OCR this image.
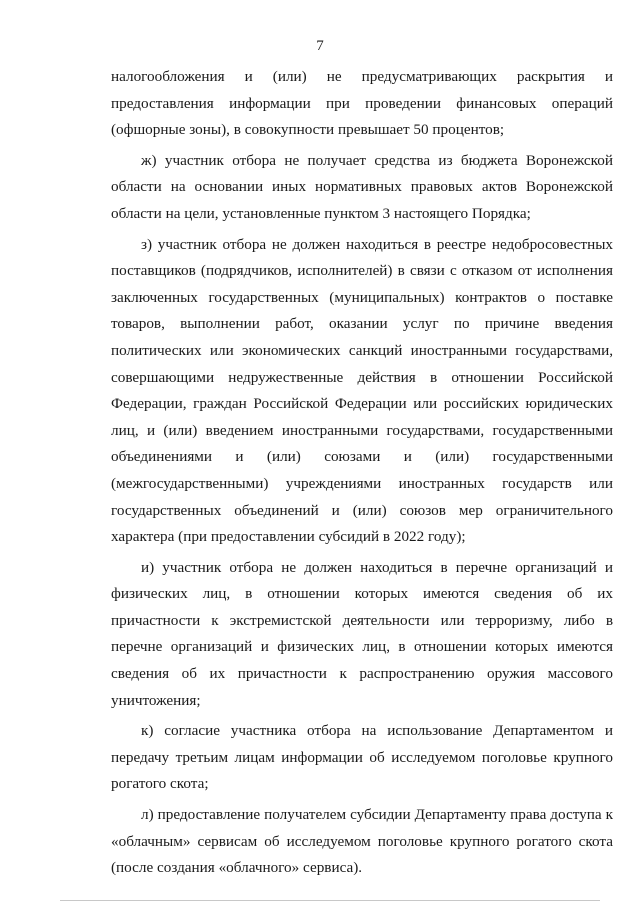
7

налогообложения и (или) не предусматривающих раскрытия и предоставления информации при проведении финансовых операций (офшорные зоны), в совокупности превышает 50 процентов;

ж) участник отбора не получает средства из бюджета Воронежской области на основании иных нормативных правовых актов Воронежской области на цели, установленные пунктом 3 настоящего Порядка;

з) участник отбора не должен находиться в реестре недобросовестных поставщиков (подрядчиков, исполнителей) в связи с отказом от исполнения заключенных государственных (муниципальных) контрактов о поставке товаров, выполнении работ, оказании услуг по причине введения политических или экономических санкций иностранными государствами, совершающими недружественные действия в отношении Российской Федерации, граждан Российской Федерации или российских юридических лиц, и (или) введением иностранными государствами, государственными объединениями и (или) союзами и (или) государственными (межгосударственными) учреждениями иностранных государств или государственных объединений и (или) союзов мер ограничительного характера (при предоставлении субсидий в 2022 году);

и) участник отбора не должен находиться в перечне организаций и физических лиц, в отношении которых имеются сведения об их причастности к экстремистской деятельности или терроризму, либо в перечне организаций и физических лиц, в отношении которых имеются сведения об их причастности к распространению оружия массового уничтожения;

к) согласие участника отбора на использование Департаментом и передачу третьим лицам информации об исследуемом поголовье крупного рогатого скота;

л) предоставление получателем субсидии Департаменту права доступа к «облачным» сервисам об исследуемом поголовье крупного рогатого скота (после создания «облачного» сервиса).
